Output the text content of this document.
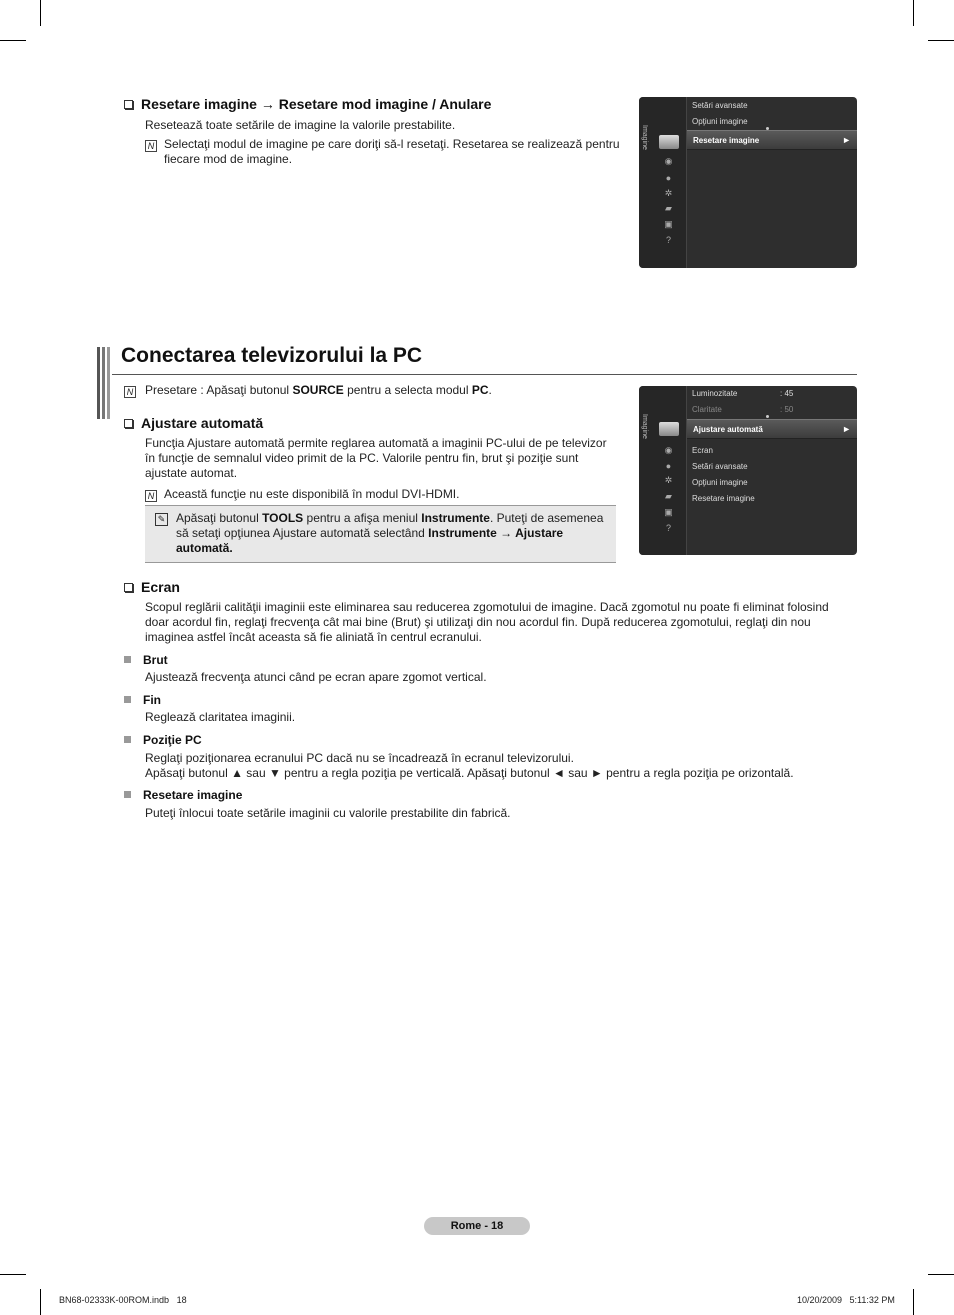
Resetare imagine → Resetare mod imagine / Anulare
Resetează toate setările de imagine la valorile prestabilite.
N Selectaţi modul de imagine pe care doriţi să-l resetaţi. Resetarea se realizează pentru
fiecare mod de imagine.
Imagine
◉
●
✲
▰
▣
?
Setări avansate
Opţiuni imagine
Resetare imagine	►
Conectarea televizorului la PC
N Presetare : Apăsaţi butonul SOURCE pentru a selecta modul PC.
Ajustare automată
Funcţia Ajustare automată permite reglarea automată a imaginii PC-ului de pe televizor
în funcţie de semnalul video primit de la PC. Valorile pentru fin, brut şi poziţie sunt
ajustate automat.
N Această funcţie nu este disponibilă în modul DVI-HDMI.
✎ Apăsaţi butonul TOOLS pentru a afişa meniul Instrumente. Puteţi de asemenea
să setaţi opţiunea Ajustare automată selectând Instrumente → Ajustare
automată.
Imagine
◉
●
✲
▰
▣
?
Luminozitate	: 45
Claritate	: 50
Ajustare automată	►
Ecran
Setări avansate
Opţiuni imagine
Resetare imagine
Ecran
Scopul reglării calităţii imaginii este eliminarea sau reducerea zgomotului de imagine. Dacă zgomotul nu poate fi eliminat folosind
doar acordul fin, reglaţi frecvenţa cât mai bine (Brut) şi utilizaţi din nou acordul fin. După reducerea zgomotului, reglaţi din nou
imaginea astfel încât aceasta să fie aliniată în centrul ecranului.
Brut
Ajustează frecvenţa atunci când pe ecran apare zgomot vertical.
Fin
Reglează claritatea imaginii.
Poziţie PC
Reglaţi poziţionarea ecranului PC dacă nu se încadrează în ecranul televizorului.
Apăsaţi butonul ▲ sau ▼ pentru a regla poziţia pe verticală. Apăsaţi butonul ◄ sau ► pentru a regla poziţia pe orizontală.
Resetare imagine
Puteţi înlocui toate setările imaginii cu valorile prestabilite din fabrică.
Rome - 18
BN68-02333K-00ROM.indb   18	10/20/2009   5:11:32 PM
